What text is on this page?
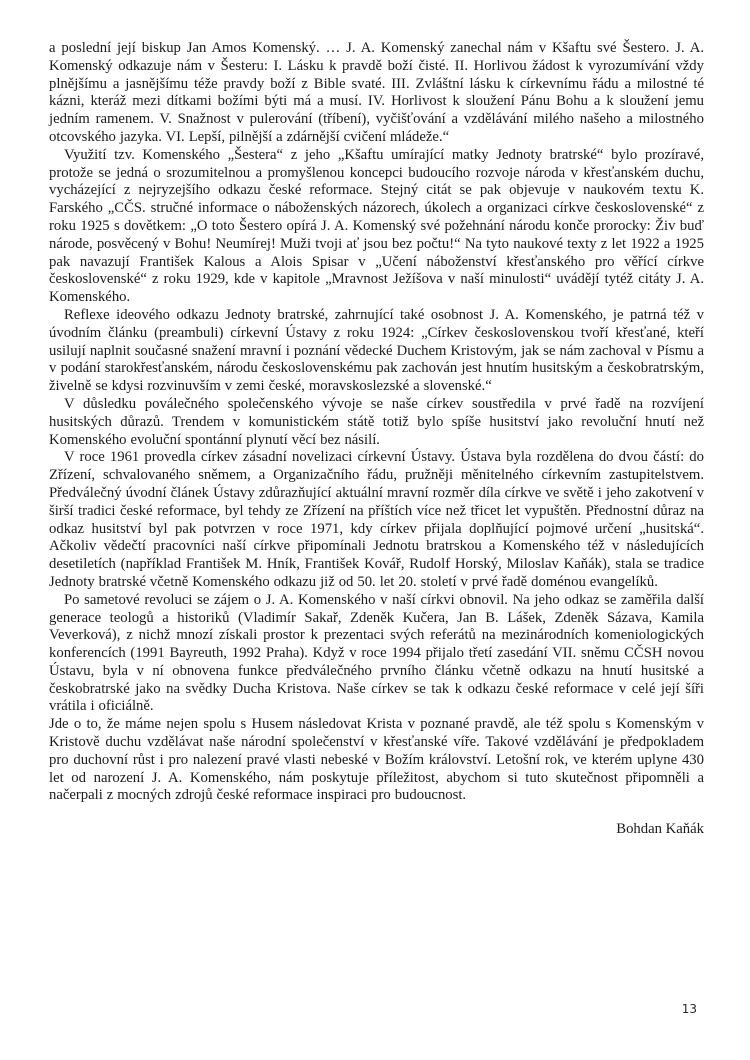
a poslední její biskup Jan Amos Komenský. … J. A. Komenský zanechal nám v Kšaftu své Šestero. J. A. Komenský odkazuje nám v Šesteru: I. Lásku k pravdě boží čisté. II. Horlivou žádost k vyrozumívání vždy plnějšímu a jasnějšímu téže pravdy boží z Bible svaté. III. Zvláštní lásku k církevnímu řádu a milostné té kázni, kteráž mezi dítkami božími býti má a musí. IV. Horlivost k sloužení Pánu Bohu a k sloužení jemu jedním ramenem. V. Snažnost v pulerování (tříbení), vyčišťování a vzdělávání milého našeho a milostného otcovského jazyka. VI. Lepší, pilnější a zdárnější cvičení mládeže.“

Využití tzv. Komenského „Šestera“ z jeho „Kšaftu umírající matky Jednoty bratrské“ bylo prozíravé, protože se jedná o srozumitelnou a promyšlenou koncepci budoucího rozvoje národa v křesťanském duchu, vycházející z nejryzejšího odkazu české reformace. Stejný citát se pak objevuje v naukovém textu K. Farského „CČS. stručné informace o náboženských názorech, úkolech a organizaci církve československé“ z roku 1925 s dovětkem: „O toto Šestero opírá J. A. Komenský své požehnání národu konče prorocky: Živ buď národe, posvěcený v Bohu! Neumírej! Muži tvoji ať jsou bez počtu!“ Na tyto naukové texty z let 1922 a 1925 pak navazují František Kalous a Alois Spisar v „Učení náboženství křesťanského pro věřící církve československé“ z roku 1929, kde v kapitole „Mravnost Ježíšova v naší minulosti“ uvádějí tytéž citáty J. A. Komenského.

Reflexe ideového odkazu Jednoty bratrské, zahrnující také osobnost J. A. Komenského, je patrná též v úvodním článku (preambuli) církevní Ústavy z roku 1924: „Církev československou tvoří křesťané, kteří usilují naplnit současné snažení mravní i poznání vědecké Duchem Kristovým, jak se nám zachoval v Písmu a v podání starokřesťanském, národu československému pak zachován jest hnutím husitským a českobratrským, živelně se kdysi rozvinuvším v zemi české, moravskoslezské a slovenské.“

V důsledku poválečného společenského vývoje se naše církev soustředila v prvé řadě na rozvíjení husitských důrazů. Trendem v komunistickém státě totiž bylo spíše husitství jako revoluční hnutí než Komenského evoluční spontánní plynutí věcí bez násilí.

V roce 1961 provedla církev zásadní novelizaci církevní Ústavy. Ústava byla rozdělena do dvou částí: do Zřízení, schvalovaného sněmem, a Organizačního řádu, pružněji měnitelného církevním zastupitelstvem. Předválečný úvodní článek Ústavy zdůrazňující aktuální mravní rozměr díla církve ve světě i jeho zakotvení v širší tradici české reformace, byl tehdy ze Zřízení na příštích více než třicet let vypuštěn. Přednostní důraz na odkaz husitství byl pak potvrzen v roce 1971, kdy církev přijala doplňující pojmové určení „husitská“. Ačkoliv vědečtí pracovníci naší církve připomínali Jednotu bratrskou a Komenského též v následujících desetiletích (například František M. Hník, František Kovář, Rudolf Horský, Miloslav Kaňák), stala se tradice Jednoty bratrské včetně Komenského odkazu již od 50. let 20. století v prvé řadě doménou evangelíků.

Po sametové revoluci se zájem o J. A. Komenského v naší církvi obnovil. Na jeho odkaz se zaměřila další generace teologů a historiků (Vladimír Sakař, Zdeněk Kučera, Jan B. Lášek, Zdeněk Sázava, Kamila Veverková), z nichž mnozí získali prostor k prezentaci svých referátů na mezinárodních komeniologických konferencích (1991 Bayreuth, 1992 Praha). Když v roce 1994 přijalo třetí zasedání VII. sněmu CČSH novou Ústavu, byla v ní obnovena funkce předválečného prvního článku včetně odkazu na hnutí husitské a českobratrské jako na svědky Ducha Kristova. Naše církev se tak k odkazu české reformace v celé její šíři vrátila i oficiálně.

Jde o to, že máme nejen spolu s Husem následovat Krista v poznané pravdě, ale též spolu s Komenským v Kristově duchu vzdělávat naše národní společenství v křesťanské víře. Takové vzdělávání je předpokladem pro duchovní růst i pro nalezení pravé vlasti nebeské v Božím království. Letošní rok, ve kterém uplyne 430 let od narození J. A. Komenského, nám poskytuje příležitost, abychom si tuto skutečnost připomněli a načerpali z mocných zdrojů české reformace inspiraci pro budoucnost.

Bohdan Kaňák
13
